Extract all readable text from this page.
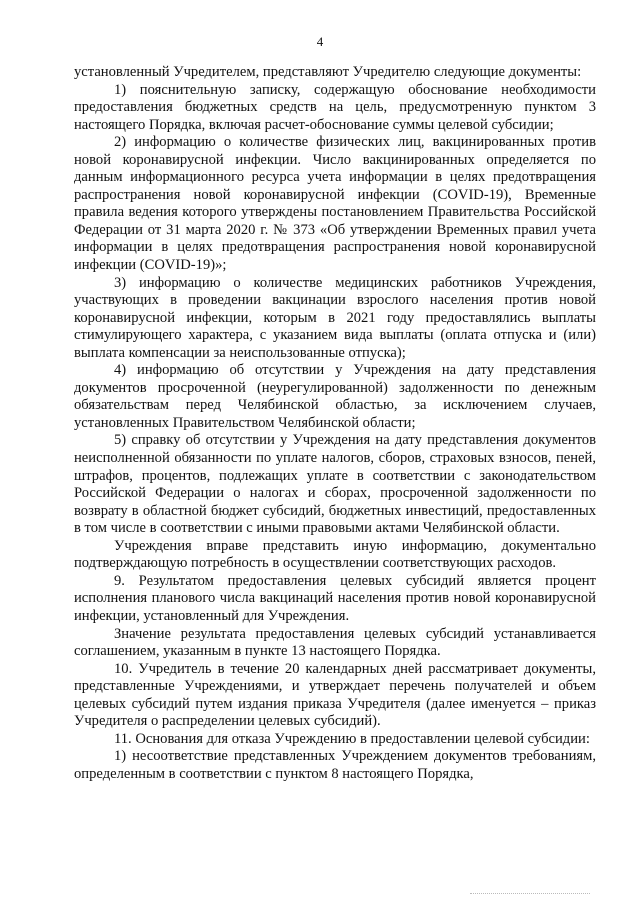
4

установленный Учредителем, представляют Учредителю следующие документы:

1) пояснительную записку, содержащую обоснование необходимости предоставления бюджетных средств на цель, предусмотренную пунктом 3 настоящего Порядка, включая расчет-обоснование суммы целевой субсидии;

2) информацию о количестве физических лиц, вакцинированных против новой коронавирусной инфекции. Число вакцинированных определяется по данным информационного ресурса учета информации в целях предотвращения распространения новой коронавирусной инфекции (COVID-19), Временные правила ведения которого утверждены постановлением Правительства Российской Федерации от 31 марта 2020 г. № 373 «Об утверждении Временных правил учета информации в целях предотвращения распространения новой коронавирусной инфекции (COVID-19)»;

3) информацию о количестве медицинских работников Учреждения, участвующих в проведении вакцинации взрослого населения против новой коронавирусной инфекции, которым в 2021 году предоставлялись выплаты стимулирующего характера, с указанием вида выплаты (оплата отпуска и (или) выплата компенсации за неиспользованные отпуска);

4) информацию об отсутствии у Учреждения на дату представления документов просроченной (неурегулированной) задолженности по денежным обязательствам перед Челябинской областью, за исключением случаев, установленных Правительством Челябинской области;

5) справку об отсутствии у Учреждения на дату представления документов неисполненной обязанности по уплате налогов, сборов, страховых взносов, пеней, штрафов, процентов, подлежащих уплате в соответствии с законодательством Российской Федерации о налогах и сборах, просроченной задолженности по возврату в областной бюджет субсидий, бюджетных инвестиций, предоставленных в том числе в соответствии с иными правовыми актами Челябинской области.

Учреждения вправе представить иную информацию, документально подтверждающую потребность в осуществлении соответствующих расходов.

9. Результатом предоставления целевых субсидий является процент исполнения планового числа вакцинаций населения против новой коронавирусной инфекции, установленный для Учреждения.

Значение результата предоставления целевых субсидий устанавливается соглашением, указанным в пункте 13 настоящего Порядка.

10. Учредитель в течение 20 календарных дней рассматривает документы, представленные Учреждениями, и утверждает перечень получателей и объем целевых субсидий путем издания приказа Учредителя (далее именуется – приказ Учредителя о распределении целевых субсидий).

11. Основания для отказа Учреждению в предоставлении целевой субсидии:

1) несоответствие представленных Учреждением документов требованиям, определенным в соответствии с пунктом 8 настоящего Порядка,
